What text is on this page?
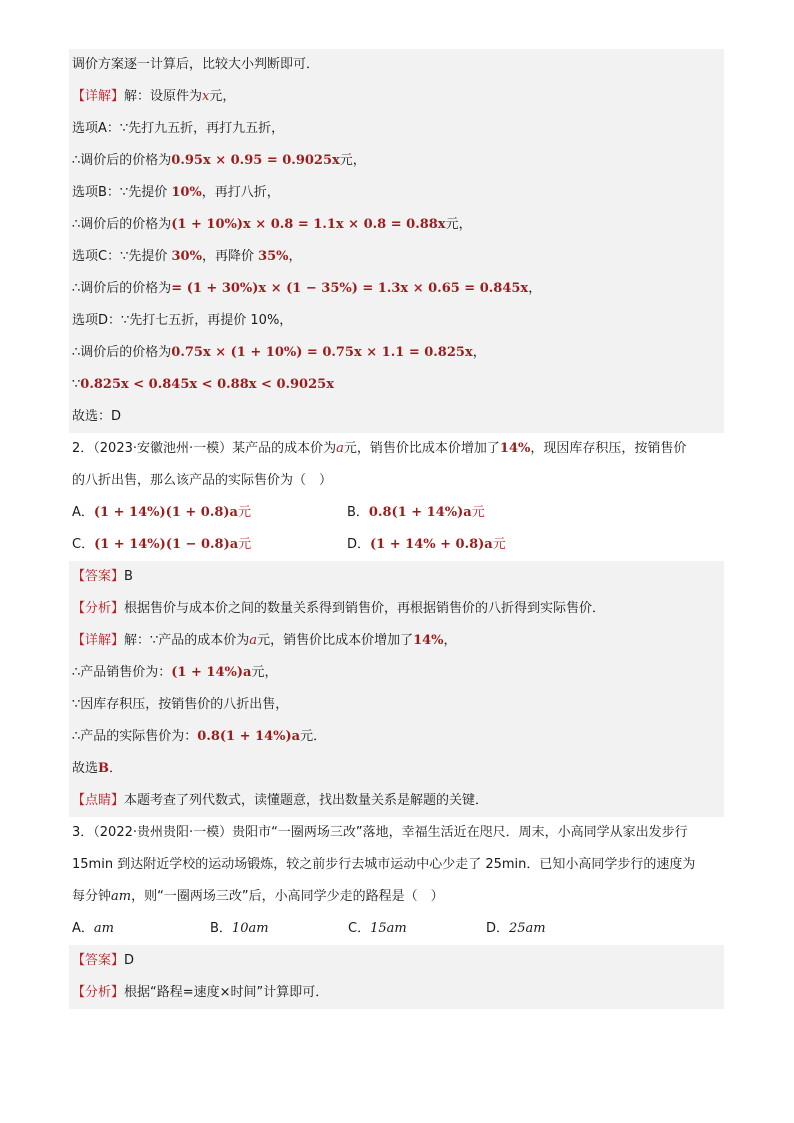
调价方案逐一计算后，比较大小判断即可．
【详解】解：设原件为x元，
选项A：∵先打九五折，再打九五折，
∴调价后的价格为0.95x × 0.95 = 0.9025x元，
选项B：∵先提价 10%，再打八折，
∴调价后的价格为(1 + 10%)x × 0.8 = 1.1x × 0.8 = 0.88x元，
选项C：∵先提价 30%，再降价 35%，
∴调价后的价格为= (1 + 30%)x × (1 − 35%) = 1.3x × 0.65 = 0.845x，
选项D：∵先打七五折，再提价 10%，
∴调价后的价格为0.75x × (1 + 10%) = 0.75x × 1.1 = 0.825x，
∵0.825x < 0.845x < 0.88x < 0.9025x
故选：D
2．（2023·安徽池州·一模）某产品的成本价为a元，销售价比成本价增加了14%，现因库存积压，按销售价
的八折出售，那么该产品的实际售价为（　）
A．(1 + 14%)(1 + 0.8)a元	B．0.8(1 + 14%)a元
C．(1 + 14%)(1 − 0.8)a元	D．(1 + 14% + 0.8)a元
【答案】B
【分析】根据售价与成本价之间的数量关系得到销售价，再根据销售价的八折得到实际售价．
【详解】解：∵产品的成本价为a元，销售价比成本价增加了14%，
∴产品销售价为：(1 + 14%)a元，
∵因库存积压，按销售价的八折出售，
∴产品的实际售价为：0.8(1 + 14%)a元．
故选B．
【点睛】本题考查了列代数式，读懂题意，找出数量关系是解题的关键．
3．（2022·贵州贵阳·一模）贵阳市“一圈两场三改”落地，幸福生活近在咫尺．周末，小高同学从家出发步行
15min 到达附近学校的运动场锻炼，较之前步行去城市运动中心少走了 25min．已知小高同学步行的速度为
每分钟am，则“一圈两场三改”后，小高同学少走的路程是（　）
A．am	B．10am	C．15am	D．25am
【答案】D
【分析】根据“路程=速度×时间”计算即可．
